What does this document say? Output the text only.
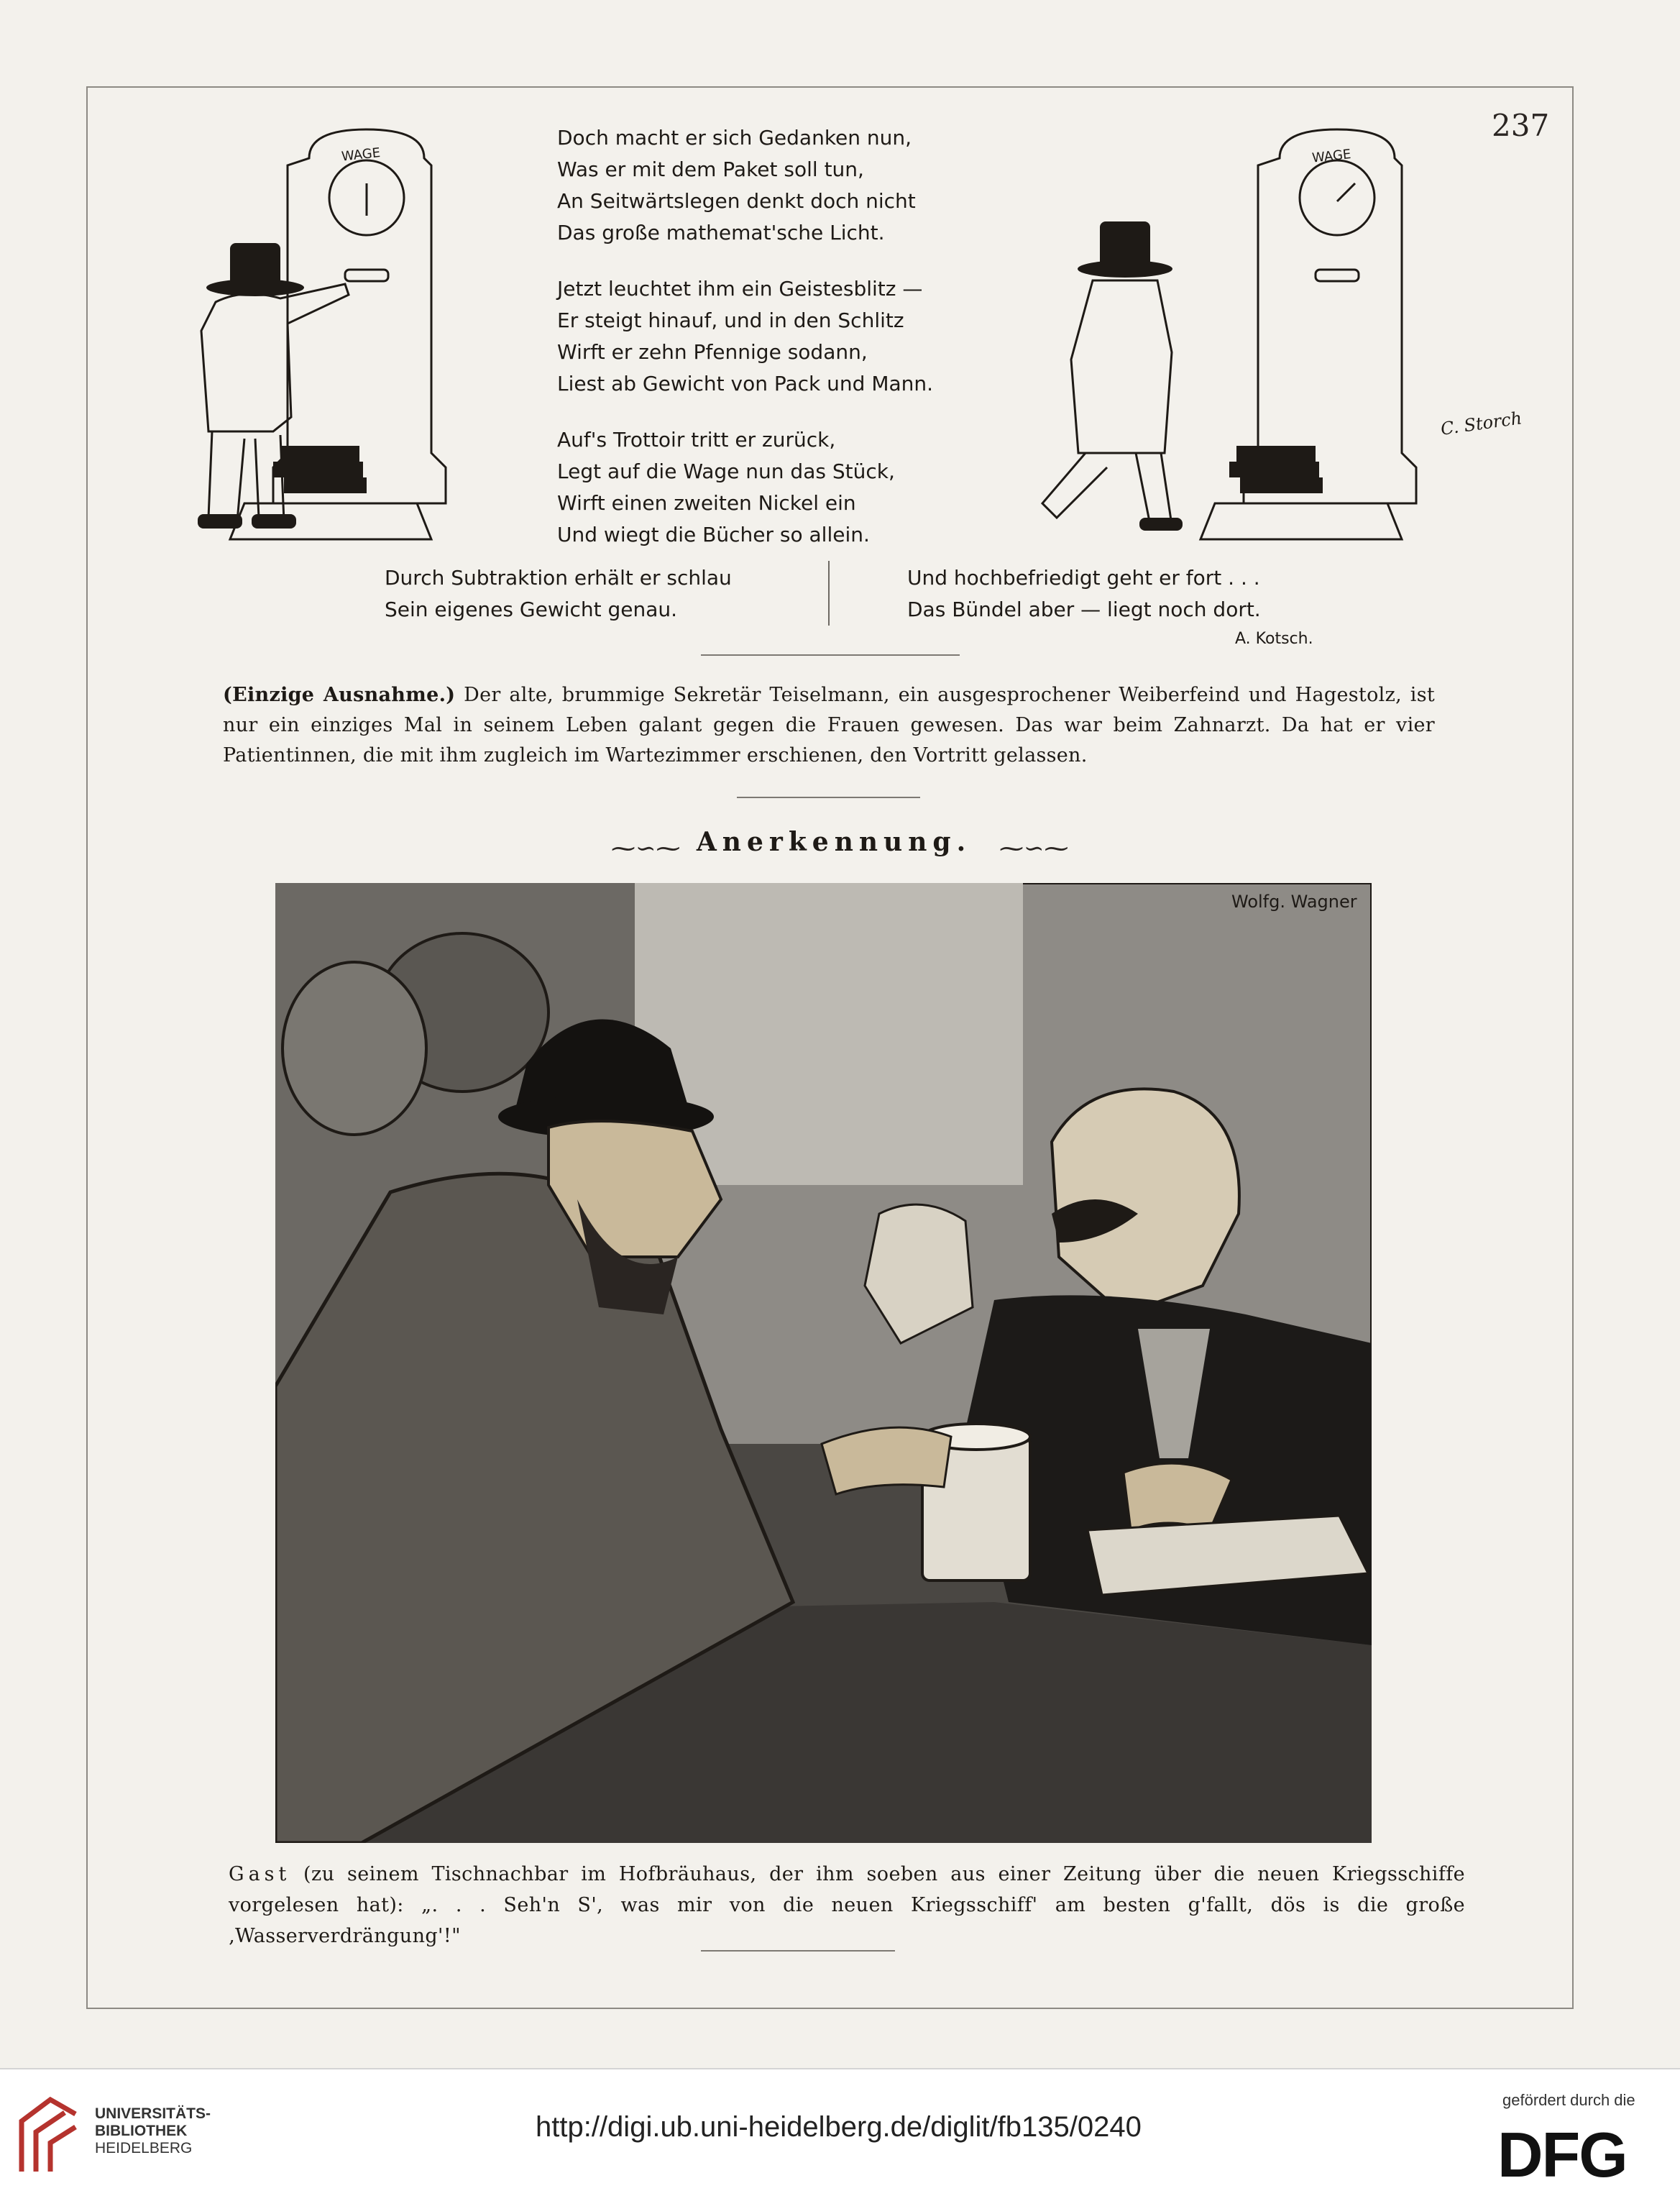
237
WAGE	WAGE
C. Storch
Doch macht er sich Gedanken nun,
Was er mit dem Paket soll tun,
An Seitwärtslegen denkt doch nicht
Das große mathemat'sche Licht.
Jetzt leuchtet ihm ein Geistesblitz —
Er steigt hinauf, und in den Schlitz
Wirft er zehn Pfennige sodann,
Liest ab Gewicht von Pack und Mann.
Auf's Trottoir tritt er zurück,
Legt auf die Wage nun das Stück,
Wirft einen zweiten Nickel ein
Und wiegt die Bücher so allein.
Durch Subtraktion erhält er schlau
Sein eigenes Gewicht genau.
Und hochbefriedigt geht er fort . . .
Das Bündel aber — liegt noch dort.
A. Kotsch.
(Einzige Ausnahme.) Der alte, brummige Sekretär Teiselmann, ein ausgesprochener Weiberfeind und Hagestolz, ist nur ein einziges Mal in seinem Leben galant gegen die Frauen gewesen. Das war beim Zahnarzt. Da hat er vier Patientinnen, die mit ihm zugleich im Wartezimmer erschienen, den Vortritt gelassen.
⁓∽⁓ Anerkennung.	⁓∽⁓
Wolfg. Wagner
Gast (zu seinem Tischnachbar im Hofbräuhaus, der ihm soeben aus einer Zeitung über die neuen Kriegsschiffe vorgelesen hat): „. . . Seh'n S', was mir von die neuen Kriegsschiff' am besten g'fallt, dös is die große ‚Wasserverdrängung'!"
UNIVERSITÄTS-
BIBLIOTHEK
HEIDELBERG
http://digi.ub.uni-heidelberg.de/diglit/fb135/0240
gefördert durch die
DFG
